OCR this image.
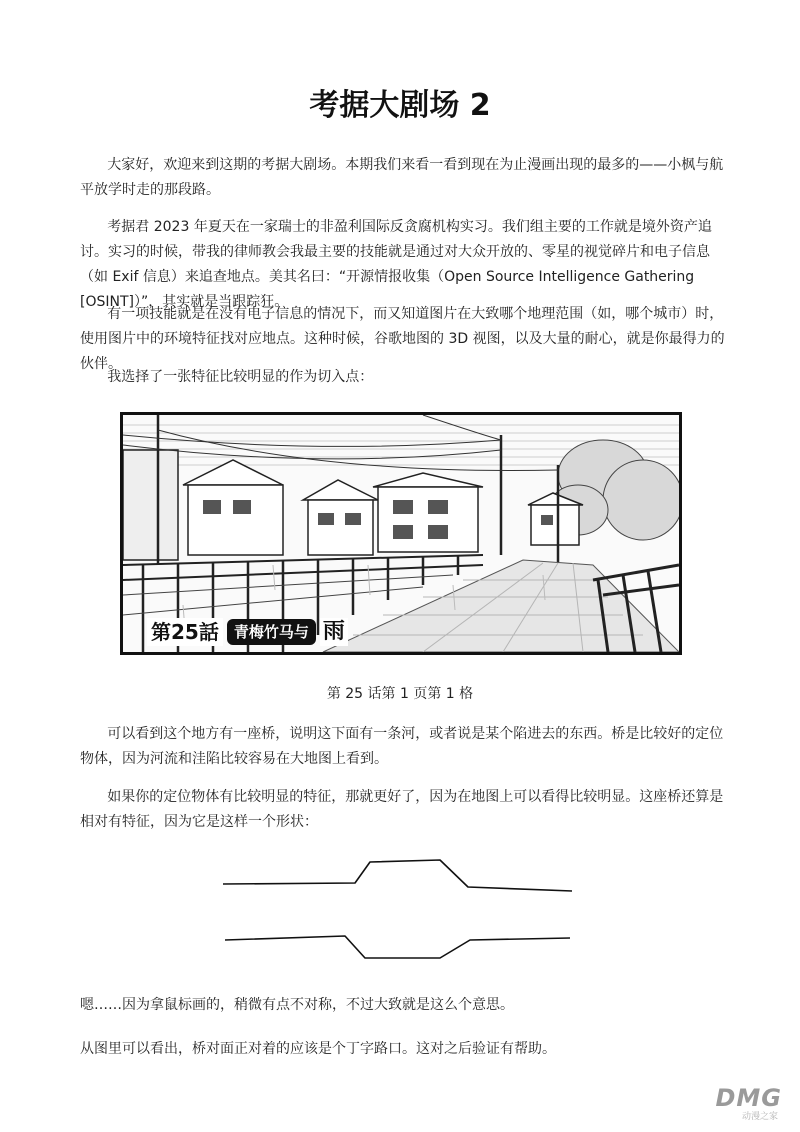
考据大剧场 2

大家好，欢迎来到这期的考据大剧场。本期我们来看一看到现在为止漫画出现的最多的——小枫与航平放学时走的那段路。

考据君 2023 年夏天在一家瑞士的非盈利国际反贪腐机构实习。我们组主要的工作就是境外资产追讨。实习的时候，带我的律师教会我最主要的技能就是通过对大众开放的、零星的视觉碎片和电子信息（如 Exif 信息）来追查地点。美其名曰：“开源情报收集（Open Source Intelligence Gathering [OSINT]）”，其实就是当跟踪狂。

有一项技能就是在没有电子信息的情况下，而又知道图片在大致哪个地理范围（如，哪个城市）时，使用图片中的环境特征找对应地点。这种时候，谷歌地图的 3D 视图，以及大量的耐心，就是你最得力的伙伴。

我选择了一张特征比较明显的作为切入点：

第25話	青梅竹马与 雨

第 25 话第 1 页第 1 格

可以看到这个地方有一座桥，说明这下面有一条河，或者说是某个陷进去的东西。桥是比较好的定位物体，因为河流和洼陷比较容易在大地图上看到。

如果你的定位物体有比较明显的特征，那就更好了，因为在地图上可以看得比较明显。这座桥还算是相对有特征，因为它是这样一个形状：

嗯……因为拿鼠标画的，稍微有点不对称，不过大致就是这么个意思。

从图里可以看出，桥对面正对着的应该是个丁字路口。这对之后验证有帮助。

DMG
动漫之家
